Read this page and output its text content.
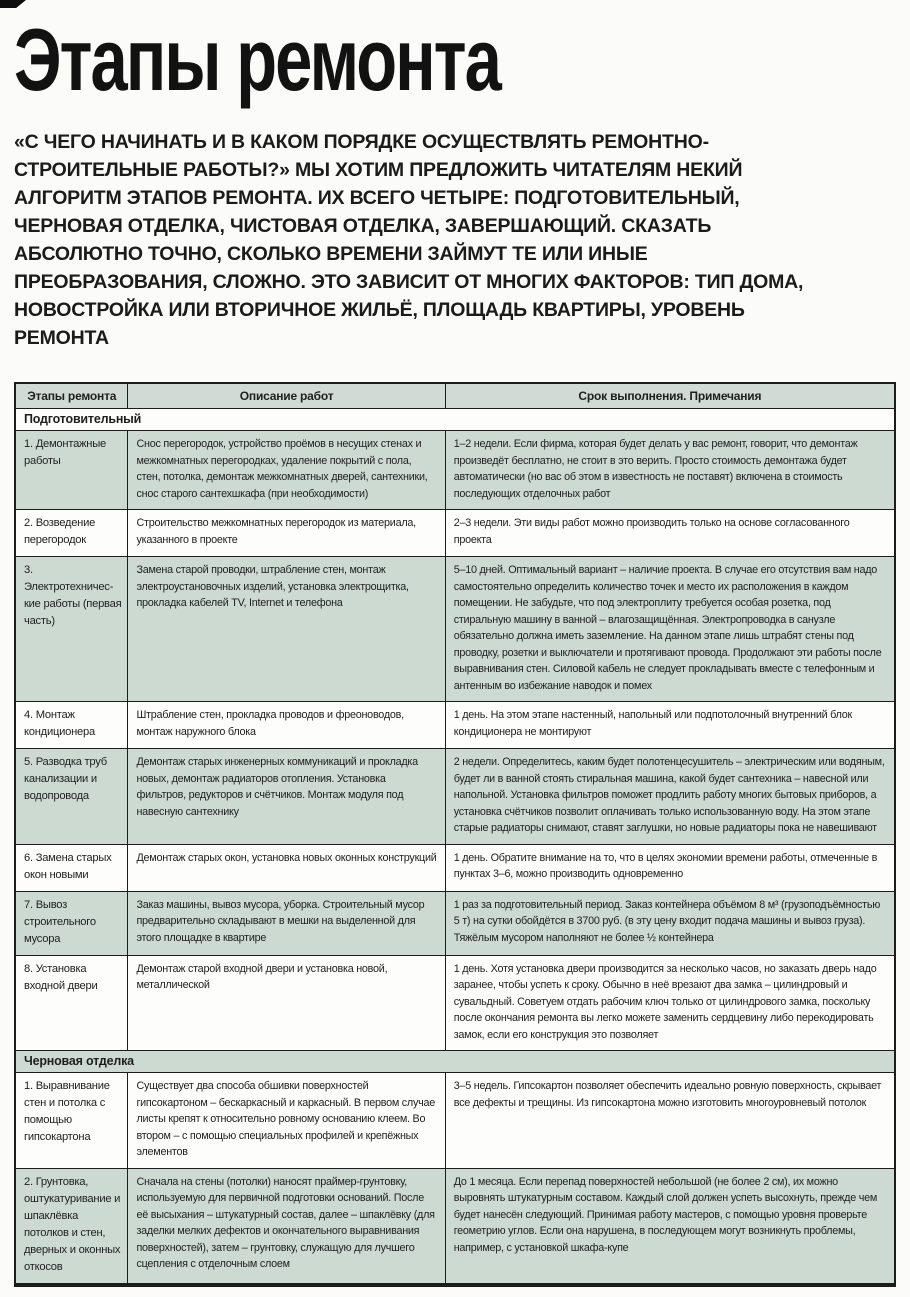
Этапы ремонта

«С ЧЕГО НАЧИНАТЬ И В КАКОМ ПОРЯДКЕ ОСУЩЕСТВЛЯТЬ РЕМОНТНО-СТРОИТЕЛЬНЫЕ РАБОТЫ?» МЫ ХОТИМ ПРЕДЛОЖИТЬ ЧИТАТЕЛЯМ НЕКИЙ АЛГОРИТМ ЭТАПОВ РЕМОНТА. ИХ ВСЕГО ЧЕТЫРЕ: ПОДГОТОВИТЕЛЬНЫЙ, ЧЕРНОВАЯ ОТДЕЛКА, ЧИСТОВАЯ ОТДЕЛКА, ЗАВЕРШАЮЩИЙ. СКАЗАТЬ АБСОЛЮТНО ТОЧНО, СКОЛЬКО ВРЕМЕНИ ЗАЙМУТ ТЕ ИЛИ ИНЫЕ ПРЕОБРАЗОВАНИЯ, СЛОЖНО. ЭТО ЗАВИСИТ ОТ МНОГИХ ФАКТОРОВ: ТИП ДОМА, НОВОСТРОЙКА ИЛИ ВТОРИЧНОЕ ЖИЛЬЁ, ПЛОЩАДЬ КВАРТИРЫ, УРОВЕНЬ РЕМОНТА

Этапы ремонта	Описание работ	Срок выполнения. Примечания
Подготовительный		
1. Демонтажные работы	Снос перегородок, устройство проёмов в несущих стенах и межкомнатных перегородках, удаление покрытий с пола, стен, потолка, демонтаж межкомнатных дверей, сантехники, снос старого сантехшкафа (при необходимости)	1–2 недели. Если фирма, которая будет делать у вас ремонт, говорит, что демонтаж произведёт бесплатно, не стоит в это верить. Просто стоимость демонтажа будет автоматически (но вас об этом в известность не поставят) включена в стоимость последующих отделочных работ
2. Возведение перегородок	Строительство межкомнатных перегородок из материала, указанного в проекте	2–3 недели. Эти виды работ можно производить только на основе согласованного проекта
3. Электротехничес-кие работы (первая часть)	Замена старой проводки, штрабление стен, монтаж электроустановочных изделий, установка электрощитка, прокладка кабелей TV, Internet и телефона	5–10 дней. Оптимальный вариант – наличие проекта. В случае его отсутствия вам надо самостоятельно определить количество точек и место их расположения в каждом помещении. Не забудьте, что под электроплиту требуется особая розетка, под стиральную машину в ванной – влагозащищённая. Электропроводка в санузле обязательно должна иметь заземление. На данном этапе лишь штрабят стены под проводку, розетки и выключатели и протягивают провода. Продолжают эти работы после выравнивания стен. Силовой кабель не следует прокладывать вместе с телефонным и антенным во избежание наводок и помех
4. Монтаж кондиционера	Штрабление стен, прокладка проводов и фреоноводов, монтаж наружного блока	1 день. На этом этапе настенный, напольный или подпотолочный внутренний блок кондиционера не монтируют
5. Разводка труб канализации и водопровода	Демонтаж старых инженерных коммуникаций и прокладка новых, демонтаж радиаторов отопления. Установка фильтров, редукторов и счётчиков. Монтаж модуля под навесную сантехнику	2 недели. Определитесь, каким будет полотенцесушитель – электрическим или водяным, будет ли в ванной стоять стиральная машина, какой будет сантехника – навесной или напольной. Установка фильтров поможет продлить работу многих бытовых приборов, а установка счётчиков позволит оплачивать только использованную воду. На этом этапе старые радиаторы снимают, ставят заглушки, но новые радиаторы пока не навешивают
6. Замена старых окон новыми	Демонтаж старых окон, установка новых оконных конструкций	1 день. Обратите внимание на то, что в целях экономии времени работы, отмеченные в пунктах 3–6, можно производить одновременно
7. Вывоз строительного мусора	Заказ машины, вывоз мусора, уборка. Строительный мусор предварительно складывают в мешки на выделенной для этого площадке в квартире	1 раз за подготовительный период. Заказ контейнера объёмом 8 м³ (грузоподъёмностью 5 т) на сутки обойдётся в 3700 руб. (в эту цену входит подача машины и вывоз груза). Тяжёлым мусором наполняют не более ½ контейнера
8. Установка входной двери	Демонтаж старой входной двери и установка новой, металлической	1 день. Хотя установка двери производится за несколько часов, но заказать дверь надо заранее, чтобы успеть к сроку. Обычно в неё врезают два замка – цилиндровый и сувальдный. Советуем отдать рабочим ключ только от цилиндрового замка, поскольку после окончания ремонта вы легко можете заменить сердцевину либо перекодировать замок, если его конструкция это позволяет
Черновая отделка		
1. Выравнивание стен и потолка с помощью гипсокартона	Существует два способа обшивки поверхностей гипсокартоном – бескаркасный и каркасный. В первом случае листы крепят к относительно ровному основанию клеем. Во втором – с помощью специальных профилей и крепёжных элементов	3–5 недель. Гипсокартон позволяет обеспечить идеально ровную поверхность, скрывает все дефекты и трещины. Из гипсокартона можно изготовить многоуровневый потолок
2. Грунтовка, оштукатуривание и шпаклёвка потолков и стен, дверных и оконных откосов	Сначала на стены (потолки) наносят праймер-грунтовку, используемую для первичной подготовки оснований. После её высыхания – штукатурный состав, далее – шпаклёвку (для заделки мелких дефектов и окончательного выравнивания поверхностей), затем – грунтовку, служащую для лучшего сцепления с отделочным слоем	До 1 месяца. Если перепад поверхностей небольшой (не более 2 см), их можно выровнять штукатурным составом. Каждый слой должен успеть высохнуть, прежде чем будет нанесён следующий. Принимая работу мастеров, с помощью уровня проверьте геометрию углов. Если она нарушена, в последующем могут возникнуть проблемы, например, с установкой шкафа-купе
